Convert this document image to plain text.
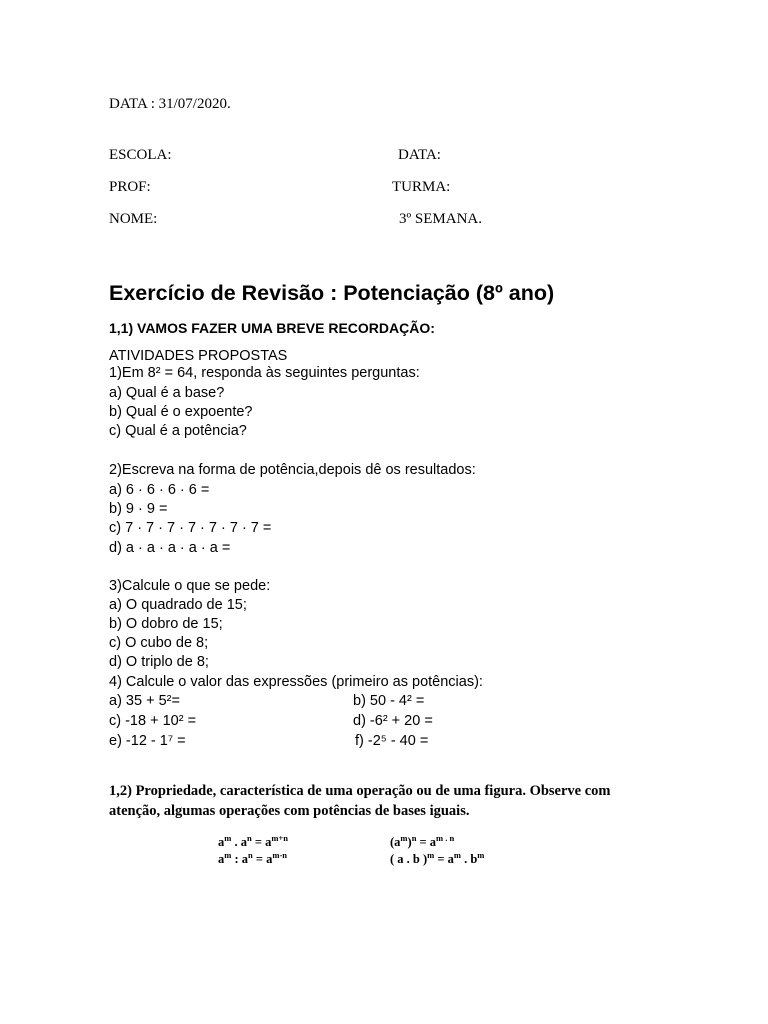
DATA : 31/07/2020.
ESCOLA:	DATA:
PROF:	TURMA:
NOME:	3º SEMANA.
Exercício de Revisão : Potenciação (8º ano)
1,1) VAMOS FAZER UMA BREVE RECORDAÇÃO:
ATIVIDADES PROPOSTAS
1)Em 8² = 64, responda às seguintes perguntas:
a) Qual é a base?
b) Qual é o expoente?
c) Qual é a potência?
2)Escreva na forma de potência,depois dê os resultados:
a) 6 · 6 · 6 · 6 =
b) 9 · 9 =
c) 7 · 7 · 7 · 7 · 7 · 7 · 7 =
d) a · a · a · a · a =
3)Calcule o que se pede:
a) O quadrado de 15;
b) O dobro de 15;
c) O cubo de 8;
d) O triplo de 8;
4) Calcule o valor das expressões (primeiro as potências):
a) 35 + 5²=	b) 50 - 4² =
c) -18 + 10² =	d) -6² + 20 =
e) -12 - 1⁷ =	f) -2⁵ - 40 =
1,2) Propriedade, característica de uma operação ou de uma figura. Observe com
atenção, algumas operações com potências de bases iguais.
$a^m$ . $a^n = a^{m+n}$
$a^m$ : $a^n = a^{m-n}$
$(a^m)^n = a^{m . n}$
( a . b )$^m = a^m$ . $b^m$
